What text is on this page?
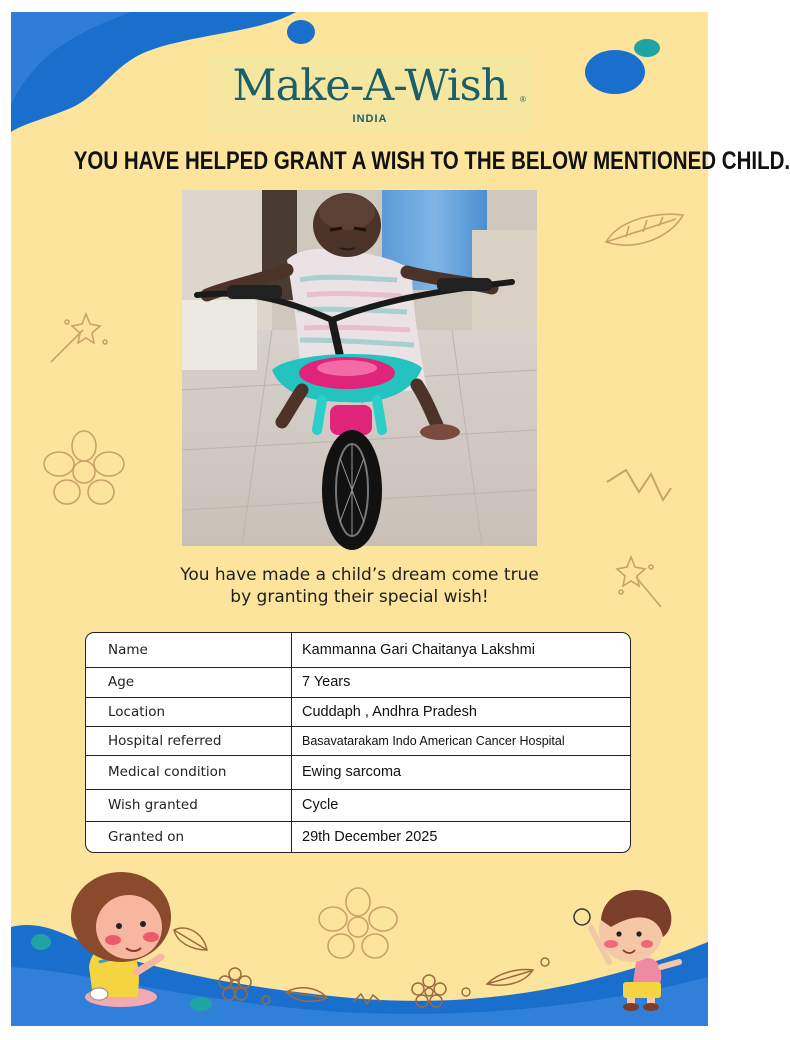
Make-A-Wish
INDIA
®
YOU HAVE HELPED GRANT A WISH TO THE BELOW MENTIONED CHILD.
You have made a child’s dream come true
by granting their special wish!
Name	Kammanna Gari Chaitanya Lakshmi
Age	7 Years
Location	Cuddaph , Andhra Pradesh
Hospital referred	Basavatarakam Indo American Cancer Hospital
Medical condition	Ewing sarcoma
Wish granted	Cycle
Granted on	29th December 2025
